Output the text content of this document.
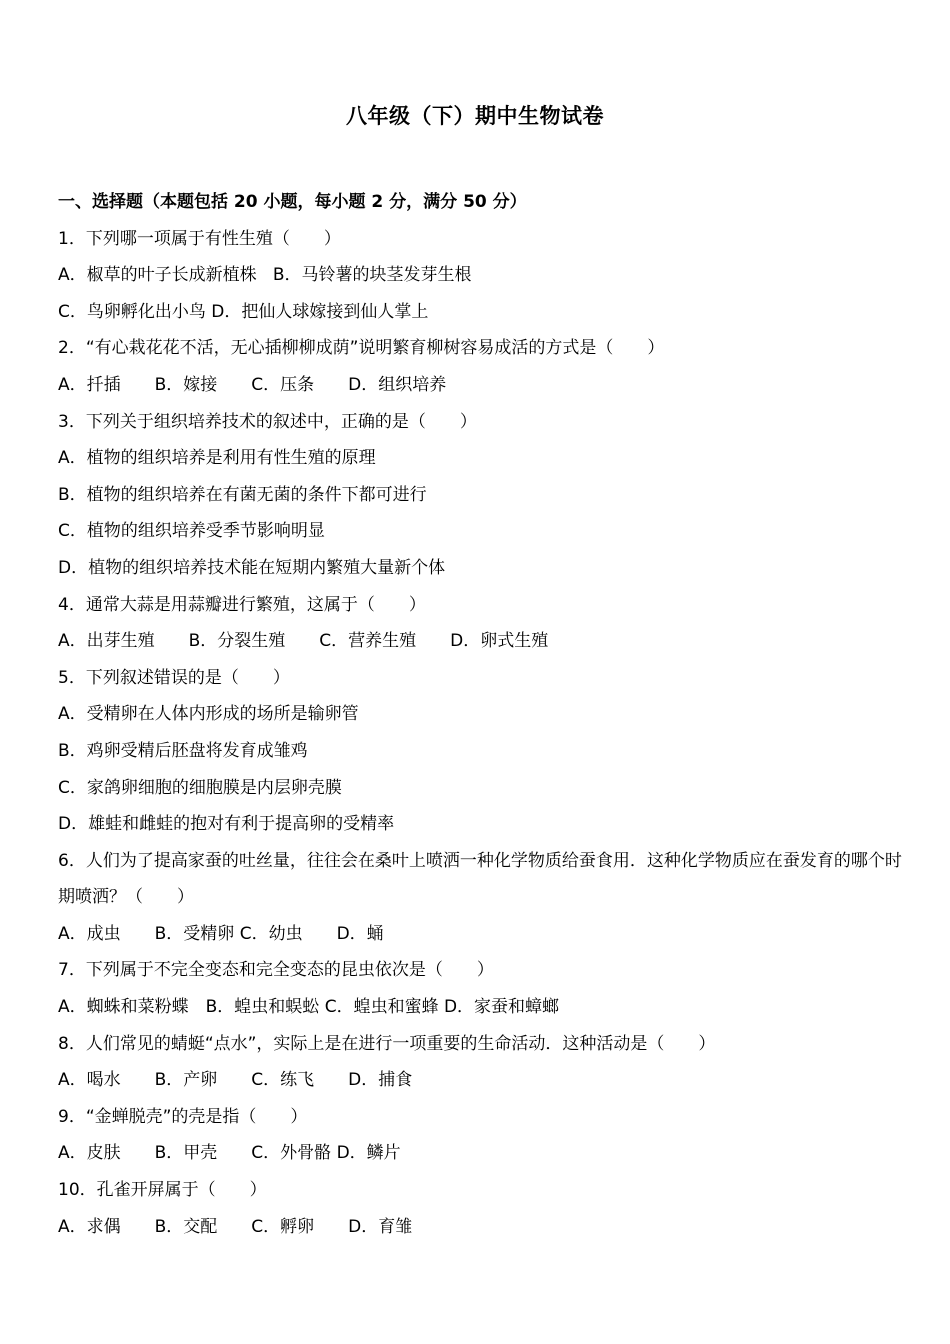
八年级（下）期中生物试卷
一、选择题（本题包括 20 小题，每小题 2 分，满分 50 分）
1．下列哪一项属于有性生殖（　　）
A．椒草的叶子长成新植株   B．马铃薯的块茎发芽生根
C．鸟卵孵化出小鸟 D．把仙人球嫁接到仙人掌上
2．“有心栽花花不活，无心插柳柳成荫”说明繁育柳树容易成活的方式是（　　）
A．扦插　　B．嫁接　　C．压条　　D．组织培养
3．下列关于组织培养技术的叙述中，正确的是（　　）
A．植物的组织培养是利用有性生殖的原理
B．植物的组织培养在有菌无菌的条件下都可进行
C．植物的组织培养受季节影响明显
D．植物的组织培养技术能在短期内繁殖大量新个体
4．通常大蒜是用蒜瓣进行繁殖，这属于（　　）
A．出芽生殖　　B．分裂生殖　　C．营养生殖　　D．卵式生殖
5．下列叙述错误的是（　　）
A．受精卵在人体内形成的场所是输卵管
B．鸡卵受精后胚盘将发育成雏鸡
C．家鸽卵细胞的细胞膜是内层卵壳膜
D．雄蛙和雌蛙的抱对有利于提高卵的受精率
6．人们为了提高家蚕的吐丝量，往往会在桑叶上喷洒一种化学物质给蚕食用．这种化学物质应在蚕发育的哪个时期喷洒？（　　）
A．成虫　　B．受精卵 C．幼虫　　D．蛹
7．下列属于不完全变态和完全变态的昆虫依次是（　　）
A．蜘蛛和菜粉蝶　B．蝗虫和蜈蚣 C．蝗虫和蜜蜂 D．家蚕和蟑螂
8．人们常见的蜻蜓“点水”，实际上是在进行一项重要的生命活动．这种活动是（　　）
A．喝水　　B．产卵　　C．练飞　　D．捕食
9．“金蝉脱壳”的壳是指（　　）
A．皮肤　　B．甲壳　　C．外骨骼 D．鳞片
10．孔雀开屏属于（　　）
A．求偶　　B．交配　　C．孵卵　　D．育雏
